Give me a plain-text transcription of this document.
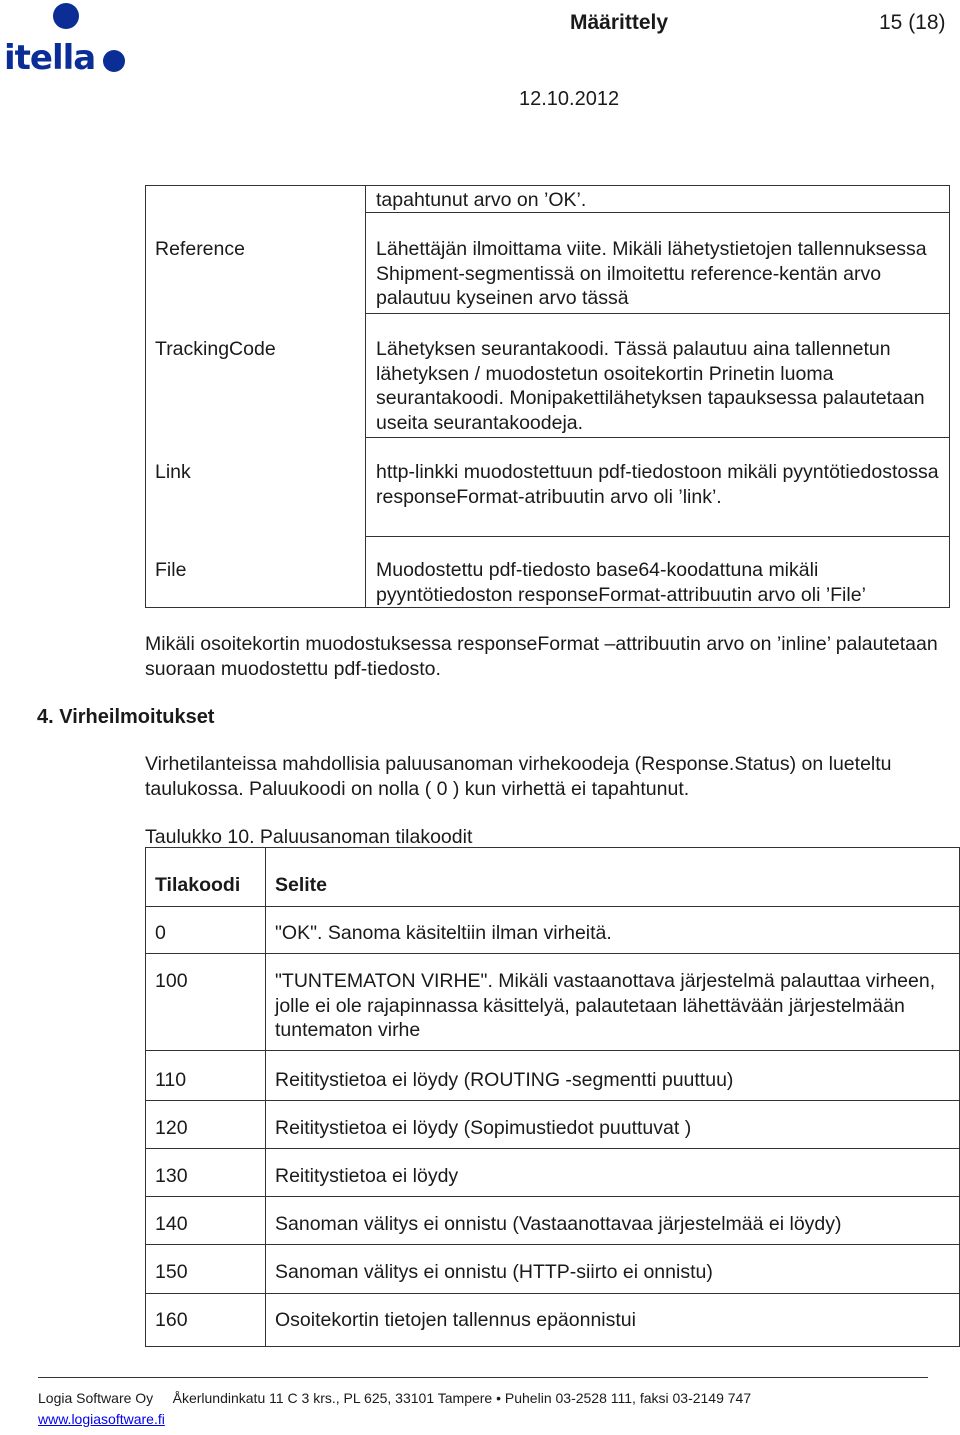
itella
Määrittely	15 (18)
12.10.2012
tapahtunut arvo on ’OK’.
Reference	Lähettäjän ilmoittama viite. Mikäli lähetystietojen tallennuksessa Shipment-segmentissä on ilmoitettu reference-kentän arvo palautuu kyseinen arvo tässä
TrackingCode	Lähetyksen seurantakoodi. Tässä palautuu aina tallennetun lähetyksen / muodostetun osoitekortin Prinetin luoma seurantakoodi. Monipakettilähetyksen tapauksessa palautetaan useita seurantakoodeja.
Link	http-linkki muodostettuun pdf-tiedostoon mikäli pyyntötiedostossa responseFormat-atribuutin arvo oli ’link’.
File	Muodostettu pdf-tiedosto base64-koodattuna mikäli pyyntötiedoston responseFormat-attribuutin arvo oli ’File’
Mikäli osoitekortin muodostuksessa responseFormat –attribuutin arvo on ’inline’ palautetaan suoraan muodostettu pdf-tiedosto.
4. Virheilmoitukset
Virhetilanteissa mahdollisia paluusanoman virhekoodeja (Response.Status) on lueteltu taulukossa. Paluukoodi on nolla ( 0 ) kun virhettä ei tapahtunut.
Taulukko 10. Paluusanoman tilakoodit
Tilakoodi Selite
0	"OK". Sanoma käsiteltiin ilman virheitä.
100	"TUNTEMATON VIRHE". Mikäli vastaanottava järjestelmä palauttaa virheen, jolle ei ole rajapinnassa käsittelyä, palautetaan lähettävään järjestelmään tuntematon virhe
110	Reititystietoa ei löydy (ROUTING -segmentti puuttuu)
120	Reititystietoa ei löydy (Sopimustiedot puuttuvat )
130	Reititystietoa ei löydy
140	Sanoman välitys ei onnistu (Vastaanottavaa järjestelmää ei löydy)
150	Sanoman välitys ei onnistu (HTTP-siirto ei onnistu)
160	Osoitekortin tietojen tallennus epäonnistui
Logia Software Oy     Åkerlundinkatu 11 C 3 krs., PL 625, 33101 Tampere • Puhelin 03-2528 111, faksi 03-2149 747
www.logiasoftware.fi
